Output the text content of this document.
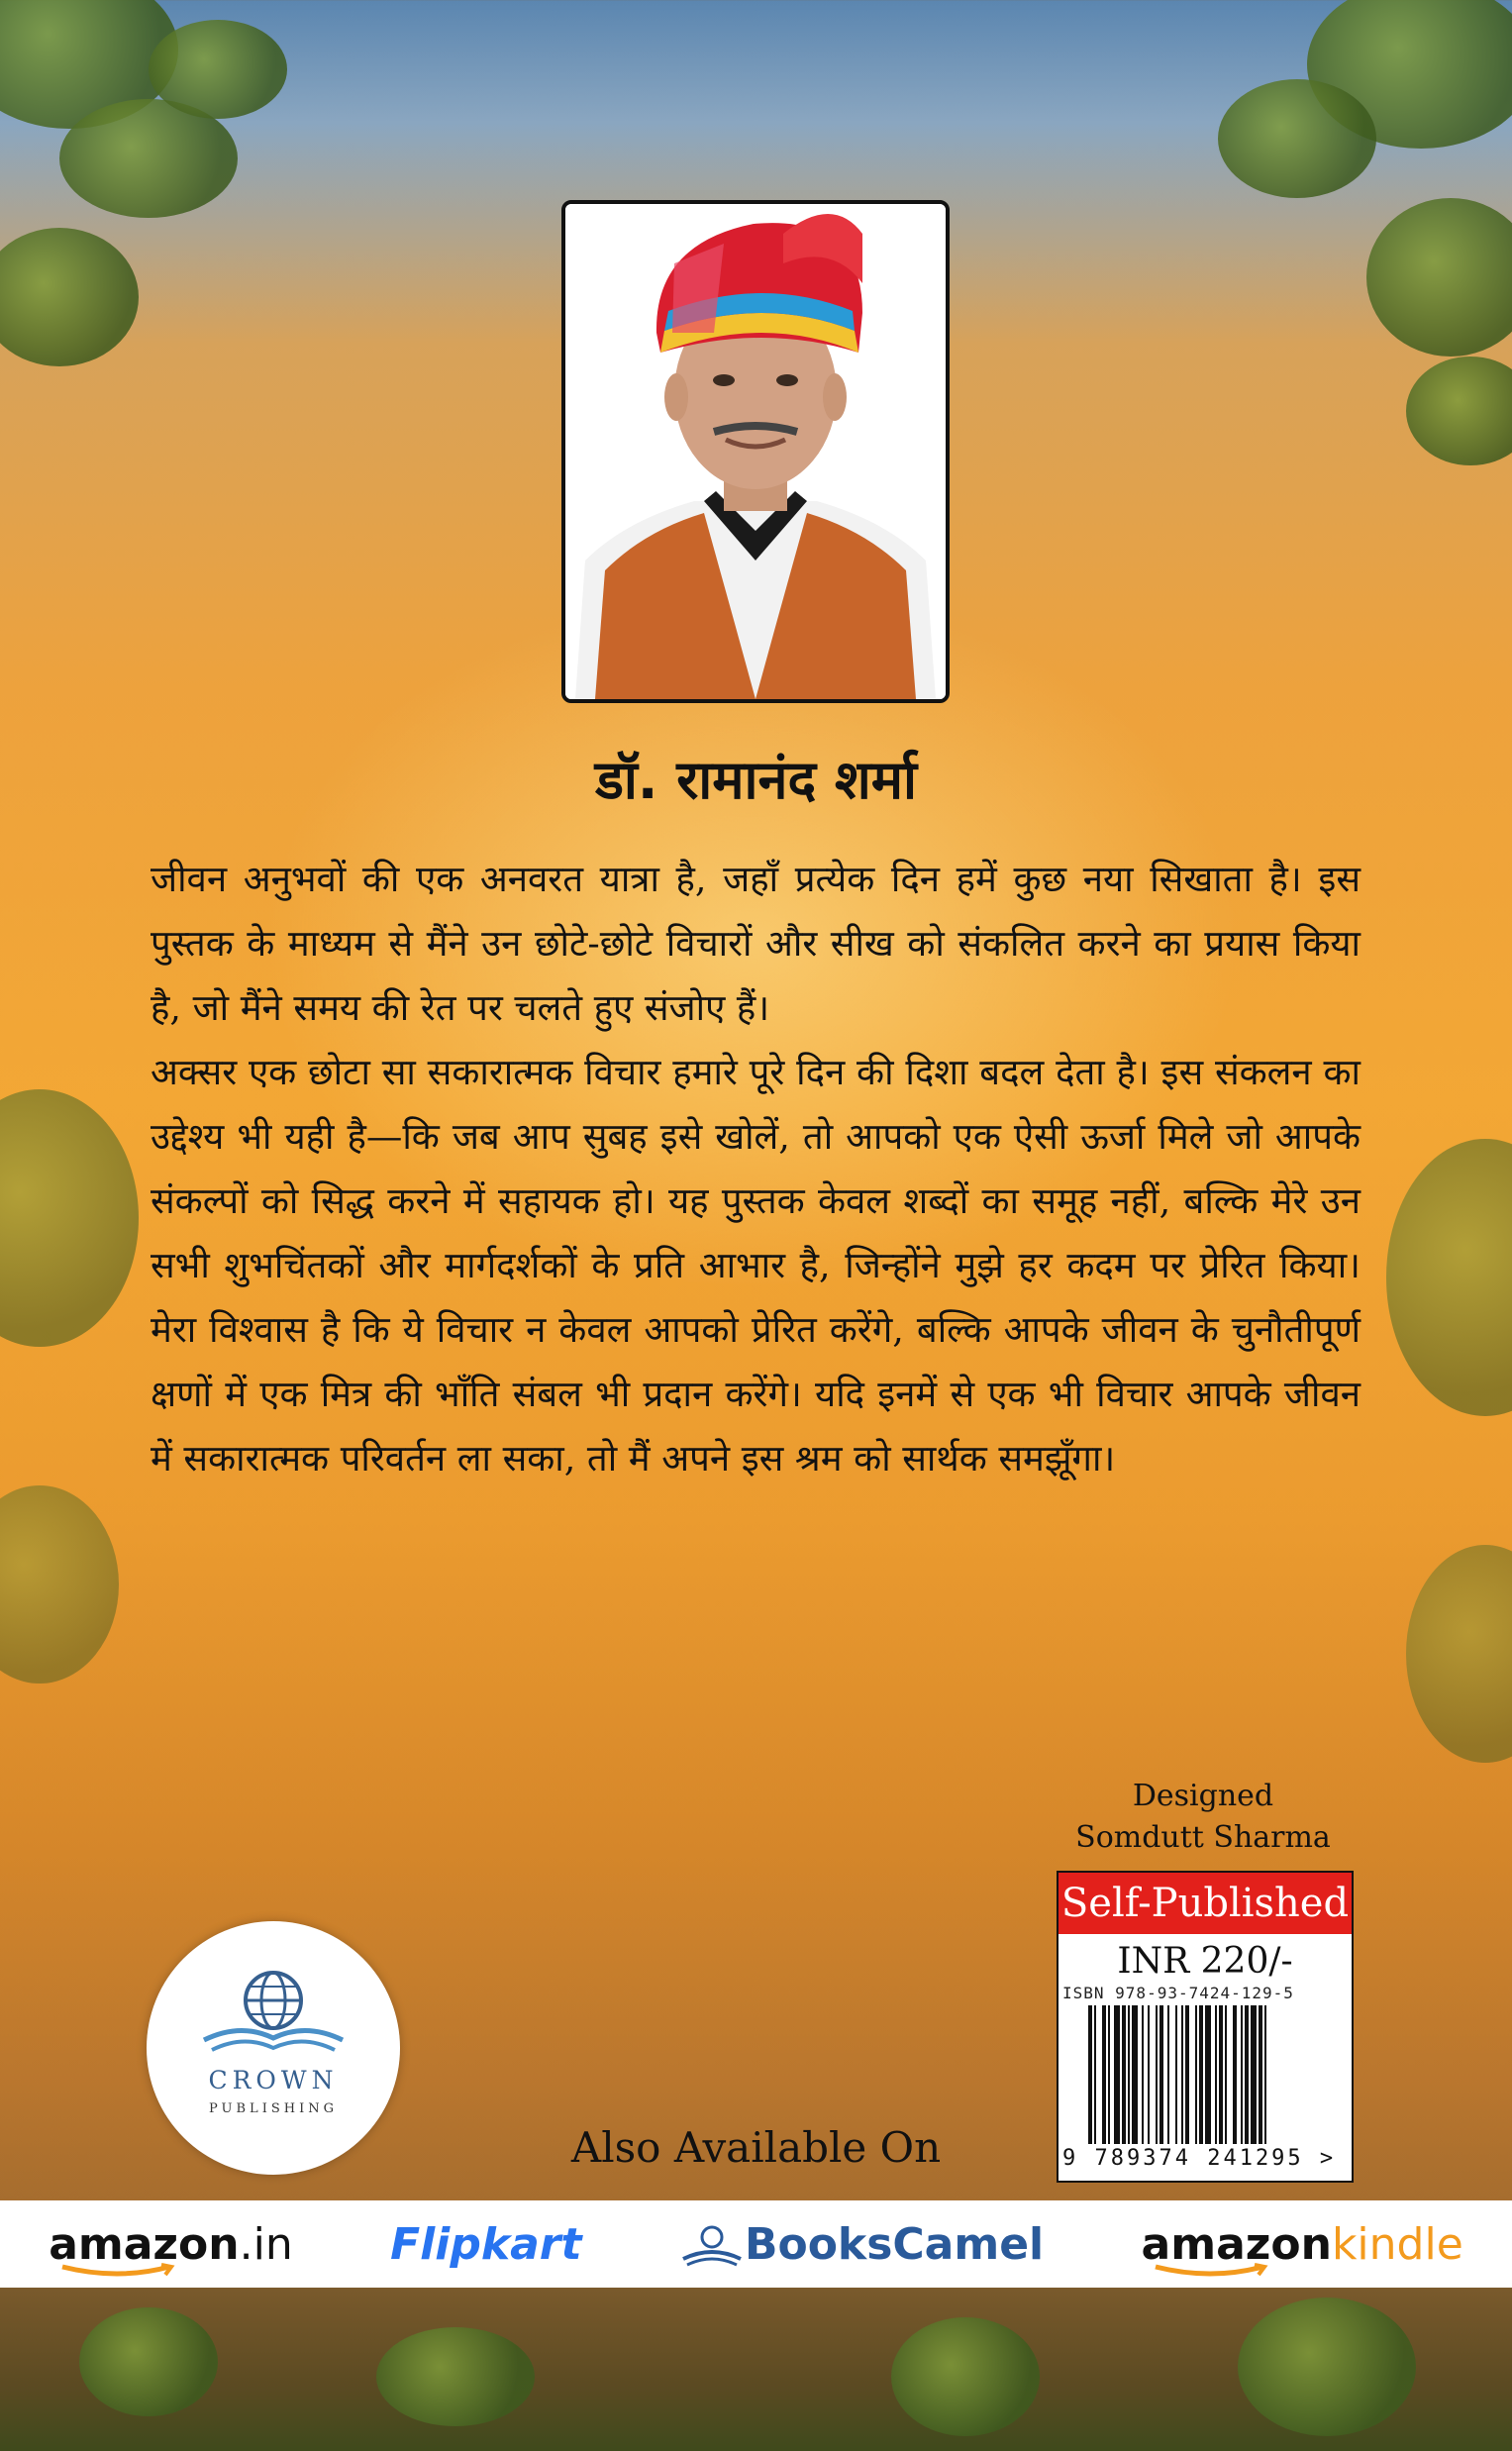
डॉ. रामानंद शर्मा

जीवन अनुभवों की एक अनवरत यात्रा है, जहाँ प्रत्येक दिन हमें कुछ नया सिखाता है। इस पुस्तक के माध्यम से मैंने उन छोटे-छोटे विचारों और सीख को संकलित करने का प्रयास किया है, जो मैंने समय की रेत पर चलते हुए संजोए हैं।

अक्सर एक छोटा सा सकारात्मक विचार हमारे पूरे दिन की दिशा बदल देता है। इस संकलन का उद्देश्य भी यही है—कि जब आप सुबह इसे खोलें, तो आपको एक ऐसी ऊर्जा मिले जो आपके संकल्पों को सिद्ध करने में सहायक हो। यह पुस्तक केवल शब्दों का समूह नहीं, बल्कि मेरे उन सभी शुभचिंतकों और मार्गदर्शकों के प्रति आभार है, जिन्होंने मुझे हर कदम पर प्रेरित किया। मेरा विश्वास है कि ये विचार न केवल आपको प्रेरित करेंगे, बल्कि आपके जीवन के चुनौतीपूर्ण क्षणों में एक मित्र की भाँति संबल भी प्रदान करेंगे। यदि इनमें से एक भी विचार आपके जीवन में सकारात्मक परिवर्तन ला सका, तो मैं अपने इस श्रम को सार्थक समझूँगा।

Designed
Somdutt Sharma
Self-Published
INR 220/-
ISBN 978-93-7424-129-5
9 789374 241295 >
CROWN
PUBLISHING
Also Available On
amazon.in Flipkart	BooksCamel amazonkindle
